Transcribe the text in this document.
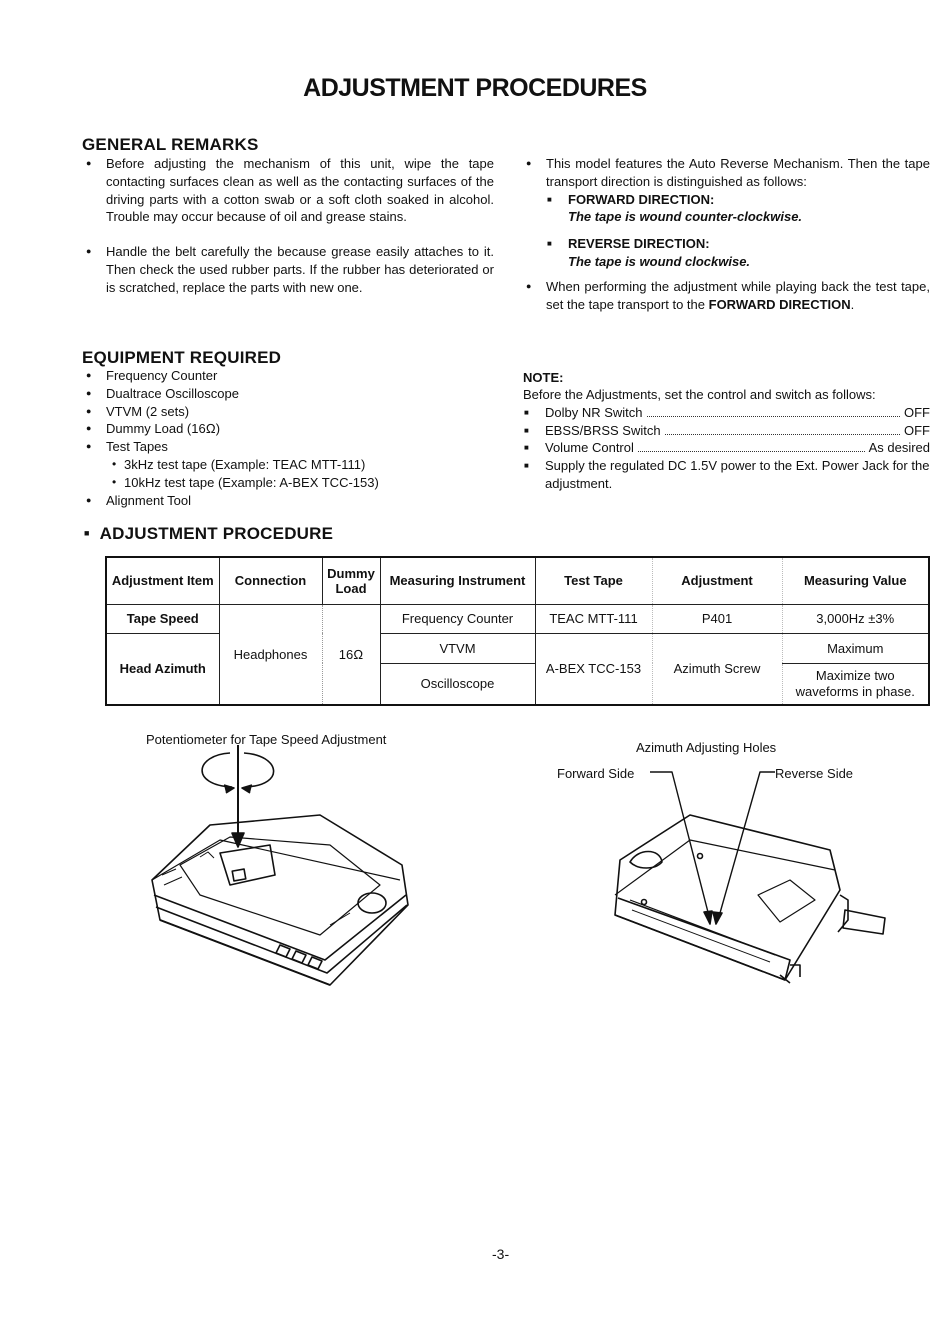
ADJUSTMENT PROCEDURES
GENERAL REMARKS
● Before adjusting the mechanism of this unit, wipe the tape contacting surfaces clean as well as the contacting surfaces of the driving parts with a cotton swab or a soft cloth soaked in alcohol. Trouble may occur because of oil and grease stains.
● Handle the belt carefully the because grease easily attaches to it. Then check the used rubber parts. If the rubber has deteriorated or is scratched, replace the parts with new one.
● This model features the Auto Reverse Mechanism. Then the tape transport direction is distinguished as follows:
■ FORWARD DIRECTION:
The tape is wound counter-clockwise.
■ REVERSE DIRECTION:
The tape is wound clockwise.
● When performing the adjustment while playing back the test tape, set the tape transport to the FORWARD DIRECTION.
EQUIPMENT REQUIRED
● Frequency Counter
● Dualtrace Oscilloscope
● VTVM (2 sets)
● Dummy Load (16Ω)
● Test Tapes
• 3kHz test tape (Example: TEAC MTT-111)
• 10kHz test tape (Example: A-BEX TCC-153)
● Alignment Tool
NOTE:
Before the Adjustments, set the control and switch as follows:
■ Dolby NR Switch	OFF
■ EBSS/BRSS Switch	OFF
■ Volume Control	As desired
■ Supply the regulated DC 1.5V power to the Ext. Power Jack for the adjustment.
■ ADJUSTMENT PROCEDURE
Adjustment Item	Connection	Dummy Load	Measuring Instrument	Test Tape	Adjustment	Measuring Value
Tape Speed	Headphones	16Ω	Frequency Counter	TEAC MTT-111	P401	3,000Hz ±3%
Head Azimuth			VTVM	A-BEX TCC-153	Azimuth Screw	Maximum
			Oscilloscope			Maximize two waveforms in phase.
Potentiometer for Tape Speed Adjustment
Azimuth Adjusting Holes
Forward Side	Reverse Side
-3-
